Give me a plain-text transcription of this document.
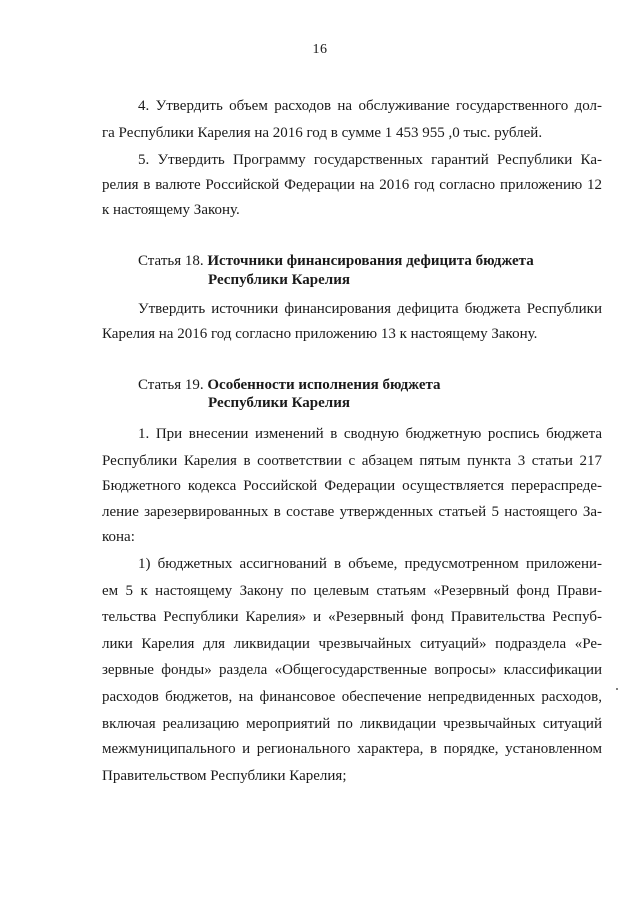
16
4. Утвердить объем расходов на обслуживание государственного дол-
га Республики Карелия на 2016 год в сумме 1 453 955 ,0 тыс. рублей.
5. Утвердить Программу государственных гарантий Республики Ка-
релия в валюте Российской Федерации на 2016 год согласно приложению 12
к настоящему Закону.
Статья 18. Источники финансирования дефицита бюджета
Республики Карелия
Утвердить источники финансирования дефицита бюджета Республики
Карелия на 2016 год согласно приложению 13 к настоящему Закону.
Статья 19. Особенности исполнения бюджета
Республики Карелия
1. При внесении изменений в сводную бюджетную роспись бюджета
Республики Карелия в соответствии с абзацем пятым пункта 3 статьи 217
Бюджетного кодекса Российской Федерации осуществляется перераспреде-
ление зарезервированных в составе утвержденных статьей 5 настоящего За-
кона:
1) бюджетных ассигнований в объеме, предусмотренном приложени-
ем 5 к настоящему Закону по целевым статьям «Резервный фонд Прави-
тельства Республики Карелия» и «Резервный фонд Правительства Респуб-
лики Карелия для ликвидации чрезвычайных ситуаций» подраздела «Ре-
зервные фонды» раздела «Общегосударственные вопросы» классификации
расходов бюджетов, на финансовое обеспечение непредвиденных расходов,
включая реализацию мероприятий по ликвидации чрезвычайных ситуаций
межмуниципального и регионального характера, в порядке, установленном
Правительством Республики Карелия;
